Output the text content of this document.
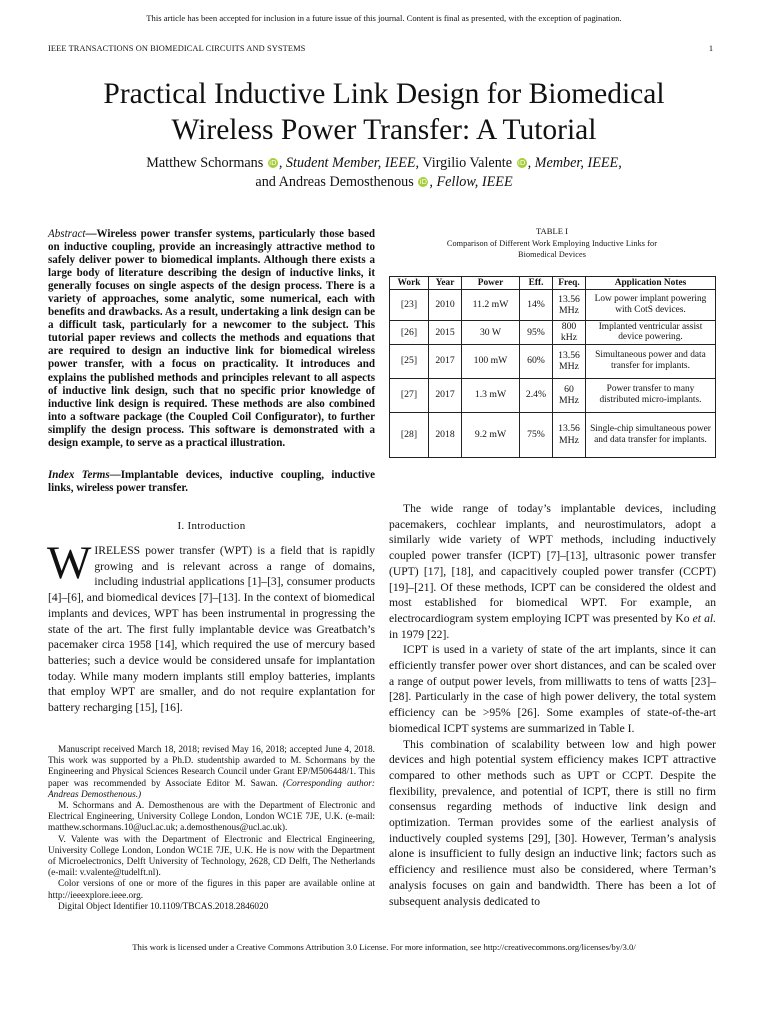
This article has been accepted for inclusion in a future issue of this journal. Content is final as presented, with the exception of pagination.
IEEE TRANSACTIONS ON BIOMEDICAL CIRCUITS AND SYSTEMS	1
Practical Inductive Link Design for Biomedical
Wireless Power Transfer: A Tutorial
Matthew Schormans iD , Student Member, IEEE, Virgilio Valente iD , Member, IEEE,
and Andreas Demosthenous iD , Fellow, IEEE
Abstract—Wireless power transfer systems, particularly those based on inductive coupling, provide an increasingly attractive method to safely deliver power to biomedical implants. Although there exists a large body of literature describing the design of inductive links, it generally focuses on single aspects of the design process. There is a variety of approaches, some analytic, some numerical, each with benefits and drawbacks. As a result, undertaking a link design can be a difficult task, particularly for a newcomer to the subject. This tutorial paper reviews and collects the methods and equations that are required to design an inductive link for biomedical wireless power transfer, with a focus on practicality. It introduces and explains the published methods and principles relevant to all aspects of inductive link design, such that no specific prior knowledge of inductive link design is required. These methods are also combined into a software package (the Coupled Coil Configurator), to further simplify the design process. This software is demonstrated with a design example, to serve as a practical illustration.
Index Terms—Implantable devices, inductive coupling, inductive links, wireless power transfer.
I. Introduction
WIRELESS power transfer (WPT) is a field that is rapidly growing and is relevant across a range of domains, including industrial applications [1]–[3], consumer products [4]–[6], and biomedical devices [7]–[13]. In the context of biomedical implants and devices, WPT has been instrumental in progressing the state of the art. The first fully implantable device was Greatbatch’s pacemaker circa 1958 [14], which required the use of mercury based batteries; such a device would be considered unsafe for implantation today. While many modern implants still employ batteries, implants that employ WPT are smaller, and do not require explantation for battery recharging [15], [16].

Manuscript received March 18, 2018; revised May 16, 2018; accepted June 4, 2018. This work was supported by a Ph.D. studentship awarded to M. Schormans by the Engineering and Physical Sciences Research Council under Grant EP/M506448/1. This paper was recommended by Associate Editor M. Sawan. (Corresponding author: Andreas Demosthenous.)

M. Schormans and A. Demosthenous are with the Department of Electronic and Electrical Engineering, University College London, London WC1E 7JE, U.K. (e-mail: matthew.schormans.10@ucl.ac.uk; a.demosthenous@ucl.ac.uk).

V. Valente was with the Department of Electronic and Electrical Engineering, University College London, London WC1E 7JE, U.K. He is now with the Department of Microelectronics, Delft University of Technology, 2628, CD Delft, The Netherlands (e-mail: v.valente@tudelft.nl).

Color versions of one or more of the figures in this paper are available online at http://ieeexplore.ieee.org.

Digital Object Identifier 10.1109/TBCAS.2018.2846020

TABLE I
Comparison of Different Work Employing Inductive Links for
Biomedical Devices
Work	Year	Power	Eff.	Freq.	Application Notes
[23]	2010	11.2 mW	14%	13.56 MHz	Low power implant powering with CotS devices.
[26]	2015	30 W	95%	800 kHz	Implanted ventricular assist device powering.
[25]	2017	100 mW	60%	13.56 MHz	Simultaneous power and data transfer for implants.
[27]	2017	1.3 mW	2.4%	60 MHz	Power transfer to many distributed micro-implants.
[28]	2018	9.2 mW	75%	13.56 MHz	Single-chip simultaneous power and data transfer for implants.

The wide range of today’s implantable devices, including pacemakers, cochlear implants, and neurostimulators, adopt a similarly wide variety of WPT methods, including inductively coupled power transfer (ICPT) [7]–[13], ultrasonic power transfer (UPT) [17], [18], and capacitively coupled power transfer (CCPT) [19]–[21]. Of these methods, ICPT can be considered the oldest and most established for biomedical WPT. For example, an electrocardiogram system employing ICPT was presented by Ko et al. in 1979 [22].

ICPT is used in a variety of state of the art implants, since it can efficiently transfer power over short distances, and can be scaled over a range of output power levels, from milliwatts to tens of watts [23]–[28]. Particularly in the case of high power delivery, the total system efficiency can be >95% [26]. Some examples of state-of-the-art biomedical ICPT systems are summarized in Table I.

This combination of scalability between low and high power devices and high potential system efficiency makes ICPT attractive compared to other methods such as UPT or CCPT. Despite the flexibility, prevalence, and potential of ICPT, there is still no firm consensus regarding methods of inductive link design and optimization. Terman provides some of the earliest analysis of inductively coupled systems [29], [30]. However, Terman’s analysis alone is insufficient to fully design an inductive link; factors such as efficiency and resilience must also be considered, where Terman’s analysis focuses on gain and bandwidth. There has been a lot of subsequent analysis dedicated to

This work is licensed under a Creative Commons Attribution 3.0 License. For more information, see http://creativecommons.org/licenses/by/3.0/
